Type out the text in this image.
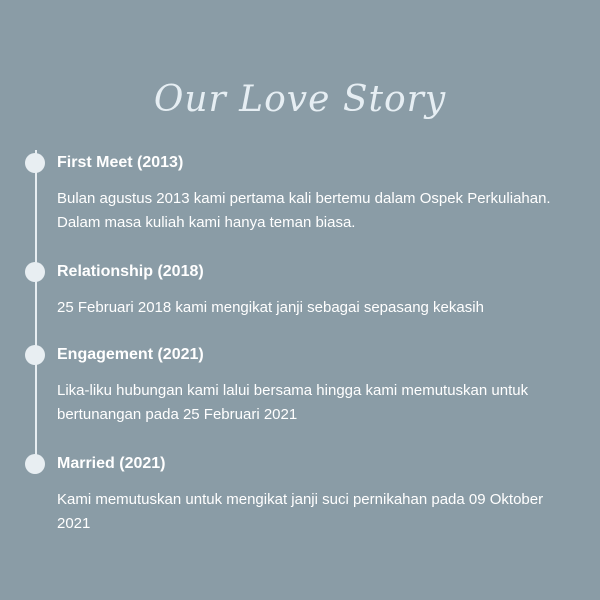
Our Love Story
First Meet (2013)
Bulan agustus 2013 kami pertama kali bertemu dalam Ospek Perkuliahan. Dalam masa kuliah kami hanya teman biasa.
Relationship (2018)
25 Februari 2018 kami mengikat janji sebagai sepasang kekasih
Engagement (2021)
Lika-liku hubungan kami lalui bersama hingga kami memutuskan untuk bertunangan pada 25 Februari 2021
Married (2021)
Kami memutuskan untuk mengikat janji suci pernikahan pada 09 Oktober 2021
